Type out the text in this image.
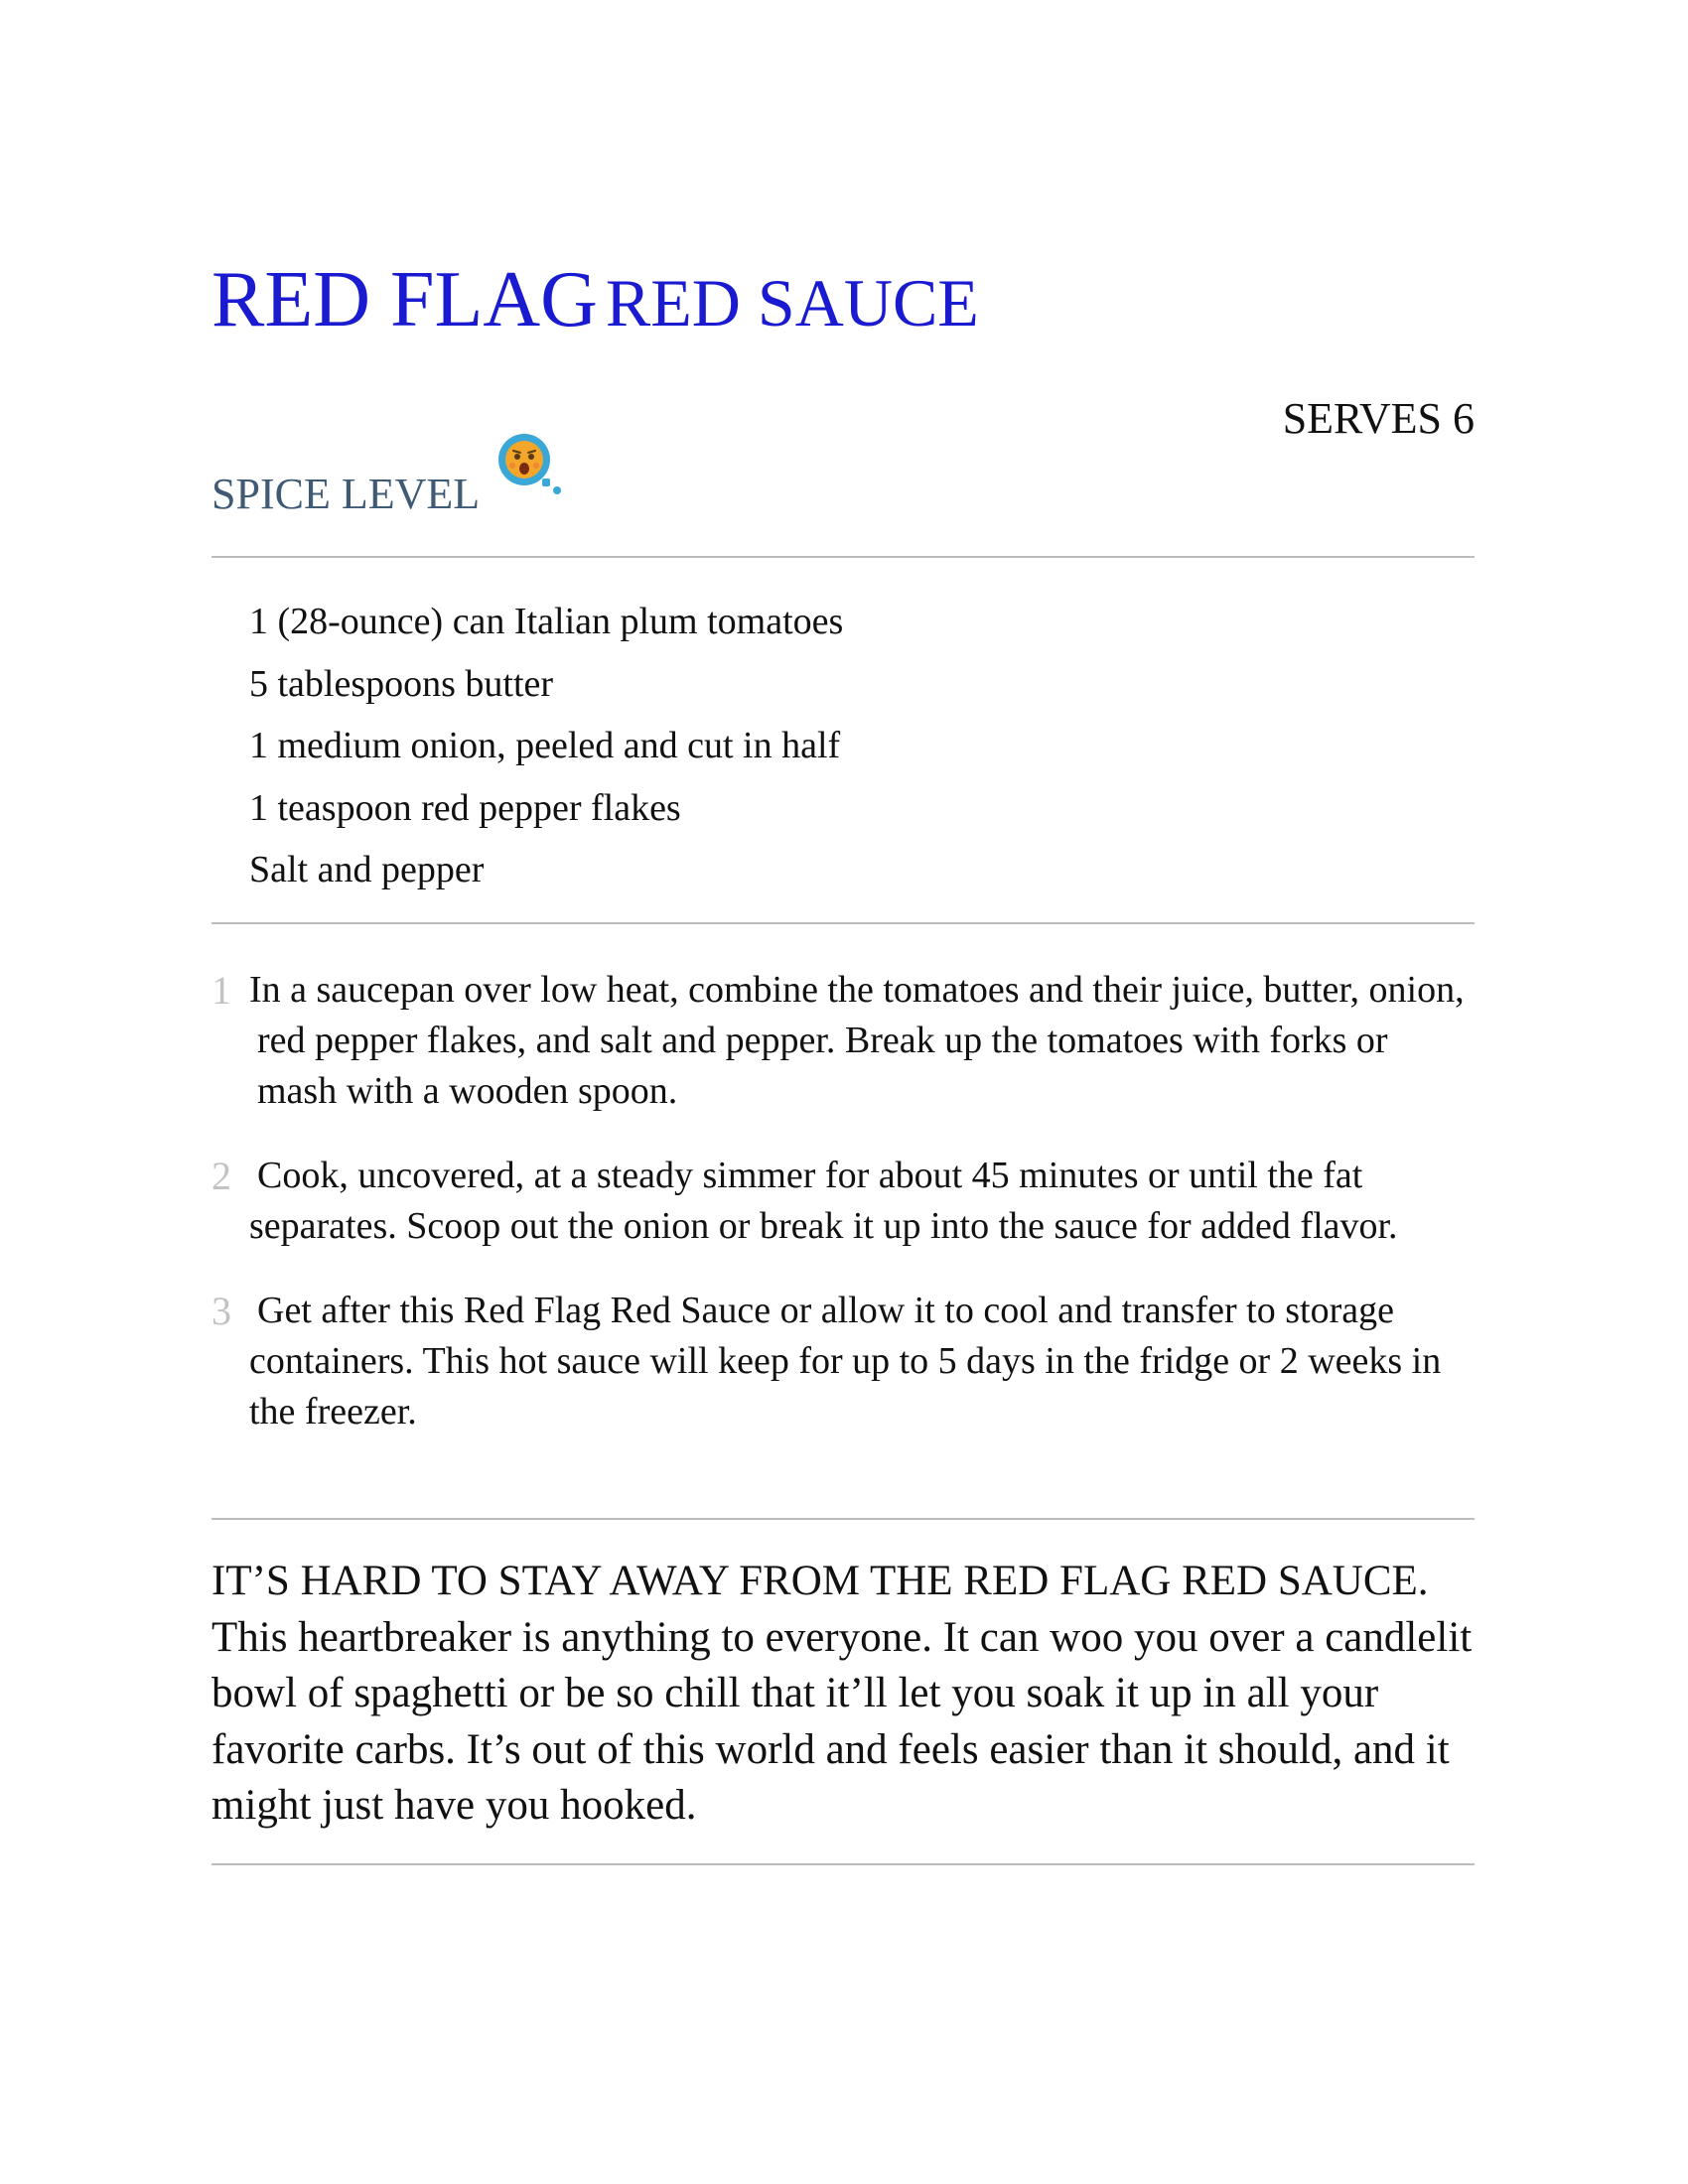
RED FLAG RED SAUCE
SERVES 6
SPICE LEVEL
1 (28-ounce) can Italian plum tomatoes
5 tablespoons butter
1 medium onion, peeled and cut in half
1 teaspoon red pepper flakes
Salt and pepper
1 In a saucepan over low heat, combine the tomatoes and their juice, butter, onion, red pepper flakes, and salt and pepper. Break up the tomatoes with forks or mash with a wooden spoon.
2 Cook, uncovered, at a steady simmer for about 45 minutes or until the fat separates. Scoop out the onion or break it up into the sauce for added flavor.
3 Get after this Red Flag Red Sauce or allow it to cool and transfer to storage containers. This hot sauce will keep for up to 5 days in the fridge or 2 weeks in the freezer.

IT’S HARD TO STAY AWAY FROM THE RED FLAG RED SAUCE. This heartbreaker is anything to everyone. It can woo you over a candlelit bowl of spaghetti or be so chill that it’ll let you soak it up in all your favorite carbs. It’s out of this world and feels easier than it should, and it might just have you hooked.
